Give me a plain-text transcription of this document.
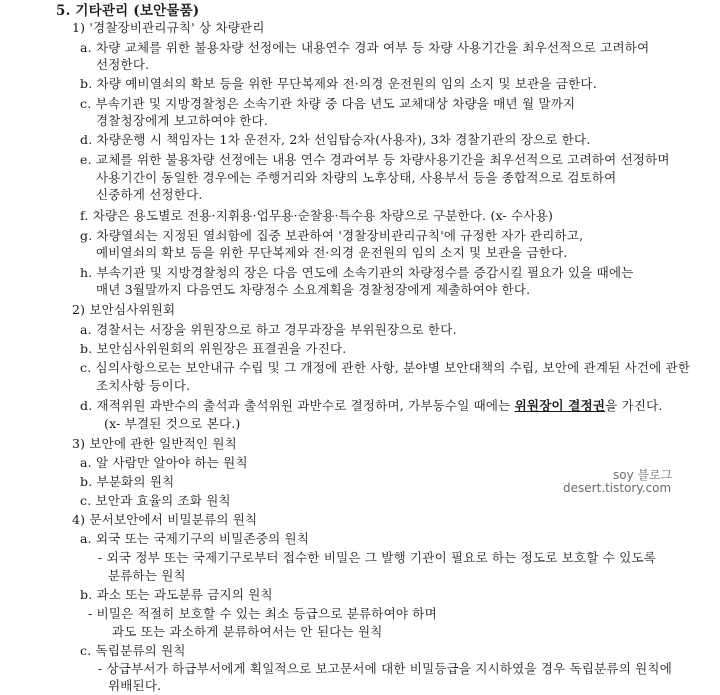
5. 기타관리 (보안물품)
1) '경찰장비관리규칙' 상 차량관리
a. 차량 교체를 위한 불용차량 선정에는 내용연수 경과 여부 등 차량 사용기간을 최우선적으로 고려하여
선정한다.
b. 차량 예비열쇠의 확보 등을 위한 무단복제와 전·의경 운전원의 임의 소지 및 보관을 금한다.
c. 부속기관 및 지방경찰청은 소속기관 차량 중 다음 년도 교체대상 차량을 매년 월 말까지
경찰청장에게 보고하여야 한다.
d. 차량운행 시 책임자는 1차 운전자, 2차 선임탑승자(사용자), 3차 경찰기관의 장으로 한다.
e. 교체를 위한 불용차량 선정에는 내용 연수 경과여부 등 차량사용기간을 최우선적으로 고려하여 선정하며
사용기간이 동일한 경우에는 주행거리와 차량의 노후상태, 사용부서 등을 종합적으로 검토하여
신중하게 선정한다.
f. 차량은 용도별로 전용·지휘용·업무용·순찰용·특수용 차량으로 구분한다. (x- 수사용)
g. 차량열쇠는 지정된 열쇠함에 집중 보관하여 '경찰장비관리규칙'에 규정한 자가 관리하고,
예비열쇠의 확보 등을 위한 무단복제와 전·의경 운전원의 임의 소지 및 보관을 금한다.
h. 부속기관 및 지방경찰청의 장은 다음 연도에 소속기관의 차량정수를 증감시킬 필요가 있을 때에는
매년 3월말까지 다음연도 차량정수 소요계획을 경찰청장에게 제출하여야 한다.
2) 보안심사위원회
a. 경찰서는 서장을 위원장으로 하고 경무과장을 부위원장으로 한다.
b. 보안심사위원회의 위원장은 표결권을 가진다.
c. 심의사항으로는 보안내규 수립 및 그 개정에 관한 사항, 분야별 보안대책의 수립, 보안에 관계된 사건에 관한
조치사항 등이다.
d. 재적위원 과반수의 출석과 출석위원 과반수로 결정하며, 가부동수일 때에는 위원장이 결정권을 가진다.
(x- 부결된 것으로 본다.)
3) 보안에 관한 일반적인 원칙
a. 알 사람만 알아야 하는 원칙
b. 부분화의 원칙
c. 보안과 효율의 조화 원칙
soy 블로그
desert.tistory.com
4) 문서보안에서 비밀분류의 원칙
a. 외국 또는 국제기구의 비밀존중의 원칙
- 외국 정부 또는 국제기구로부터 접수한 비밀은 그 발행 기관이 필요로 하는 정도로 보호할 수 있도록
분류하는 원칙
b. 과소 또는 과도분류 금지의 원칙
- 비밀은 적절히 보호할 수 있는 최소 등급으로 분류하여야 하며
과도 또는 과소하게 분류하여서는 안 된다는 원칙
c. 독립분류의 원칙
- 상급부서가 하급부서에게 획일적으로 보고문서에 대한 비밀등급을 지시하였을 경우 독립분류의 원칙에
위배된다.
